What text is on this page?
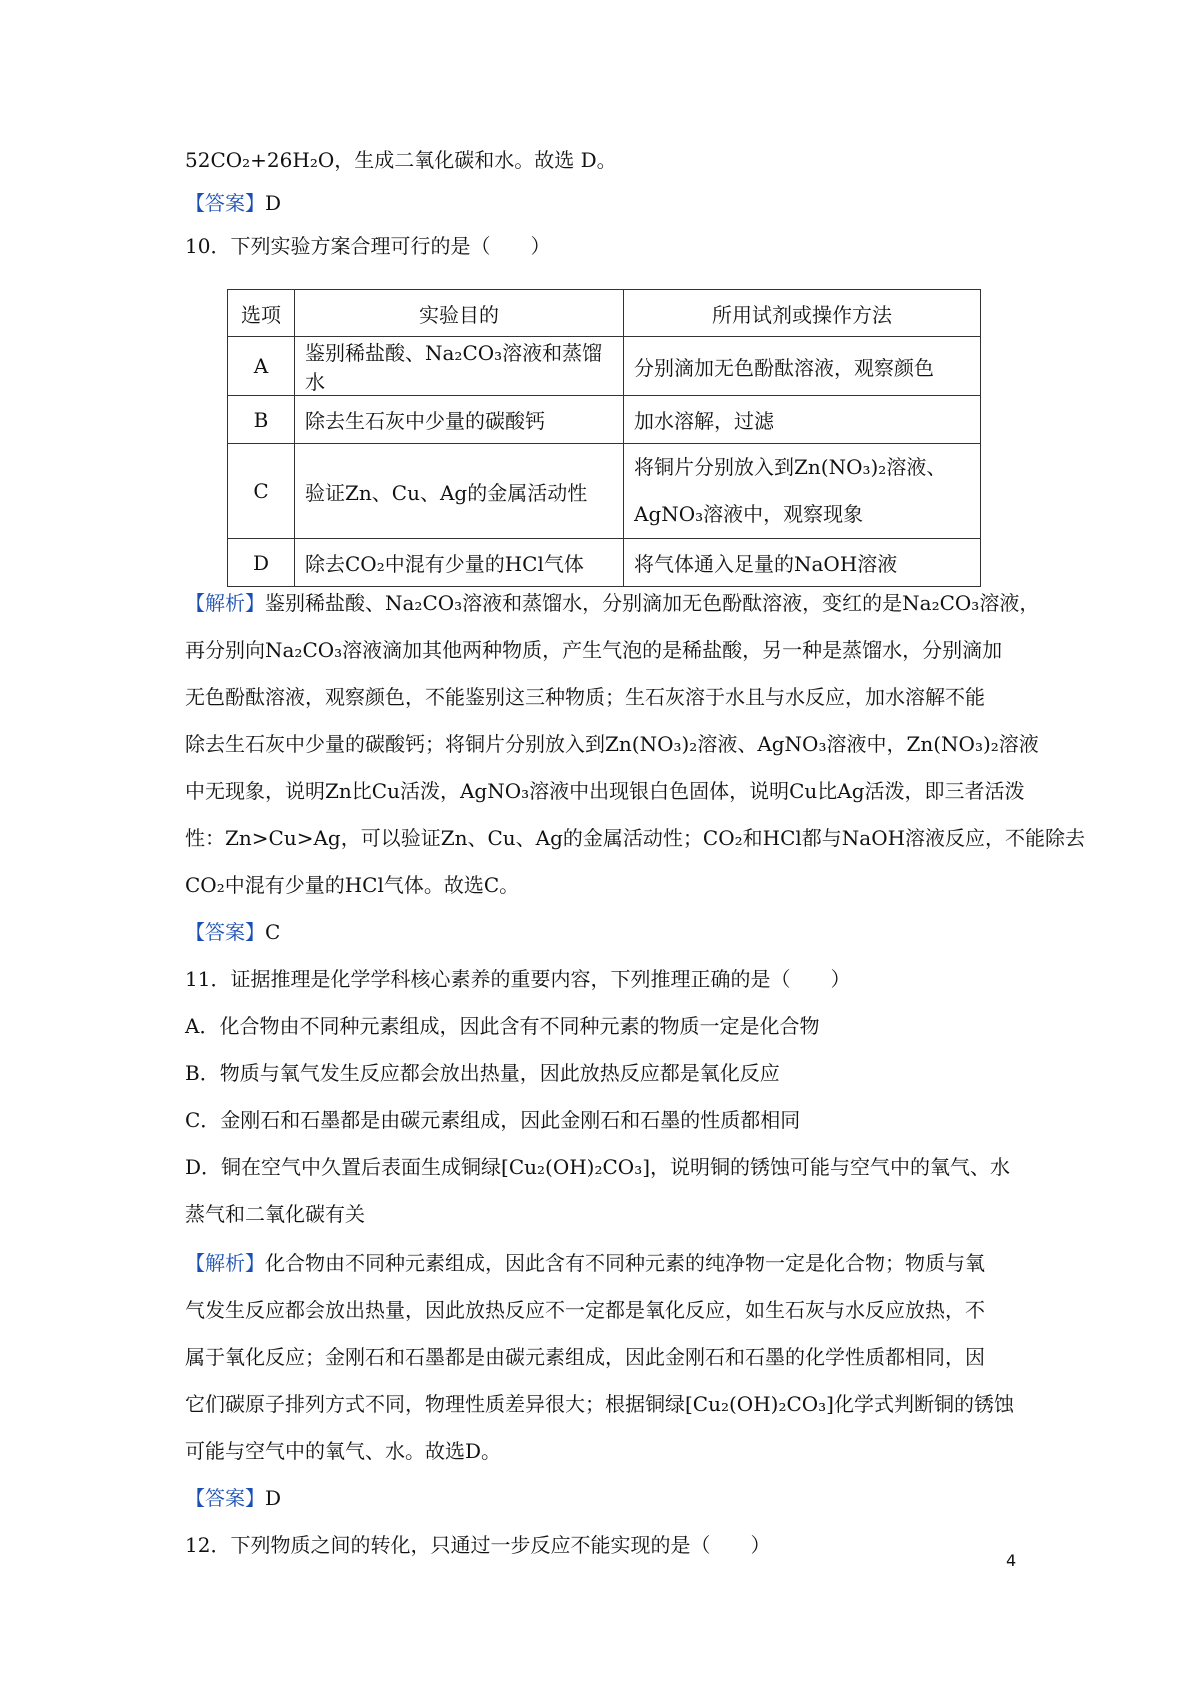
52CO₂+26H₂O，生成二氧化碳和水。故选 D。
【答案】D
10．下列实验方案合理可行的是（　　）
选项	实验目的	所用试剂或操作方法
A	鉴别稀盐酸、Na₂CO₃溶液和蒸馏水	分别滴加无色酚酞溶液，观察颜色
B	除去生石灰中少量的碳酸钙	加水溶解，过滤
C	验证Zn、Cu、Ag的金属活动性	将铜片分别放入到Zn(NO₃)₂溶液、
AgNO₃溶液中，观察现象

D	除去CO₂中混有少量的HCl气体	将气体通入足量的NaOH溶液
【解析】鉴别稀盐酸、Na₂CO₃溶液和蒸馏水，分别滴加无色酚酞溶液，变红的是Na₂CO₃溶液，
再分别向Na₂CO₃溶液滴加其他两种物质，产生气泡的是稀盐酸，另一种是蒸馏水，分别滴加
无色酚酞溶液，观察颜色，不能鉴别这三种物质；生石灰溶于水且与水反应，加水溶解不能
除去生石灰中少量的碳酸钙；将铜片分别放入到Zn(NO₃)₂溶液、AgNO₃溶液中，Zn(NO₃)₂溶液
中无现象，说明Zn比Cu活泼，AgNO₃溶液中出现银白色固体，说明Cu比Ag活泼，即三者活泼
性：Zn>Cu>Ag，可以验证Zn、Cu、Ag的金属活动性；CO₂和HCl都与NaOH溶液反应，不能除去
CO₂中混有少量的HCl气体。故选C。
【答案】C
11．证据推理是化学学科核心素养的重要内容，下列推理正确的是（　　）
A．化合物由不同种元素组成，因此含有不同种元素的物质一定是化合物
B．物质与氧气发生反应都会放出热量，因此放热反应都是氧化反应
C．金刚石和石墨都是由碳元素组成，因此金刚石和石墨的性质都相同
D．铜在空气中久置后表面生成铜绿[Cu₂(OH)₂CO₃]，说明铜的锈蚀可能与空气中的氧气、水
蒸气和二氧化碳有关
【解析】化合物由不同种元素组成，因此含有不同种元素的纯净物一定是化合物；物质与氧
气发生反应都会放出热量，因此放热反应不一定都是氧化反应，如生石灰与水反应放热，不
属于氧化反应；金刚石和石墨都是由碳元素组成，因此金刚石和石墨的化学性质都相同，因
它们碳原子排列方式不同，物理性质差异很大；根据铜绿[Cu₂(OH)₂CO₃]化学式判断铜的锈蚀
可能与空气中的氧气、水。故选D。
【答案】D
12．下列物质之间的转化，只通过一步反应不能实现的是（　　）
4
